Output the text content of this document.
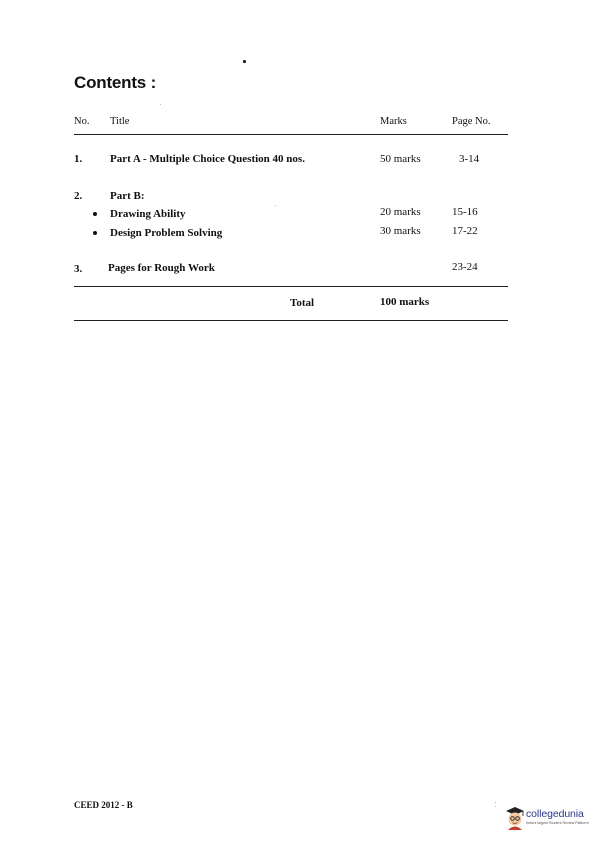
Contents :
No. Title	Marks	Page No.
1.	Part A - Multiple Choice Question 40 nos.	50 marks	3-14
2.	Part B:
Drawing Ability	20 marks	15-16
Design Problem Solving	30 marks	17-22
3. Pages for Rough Work	23-24
Total	100 marks
CEED 2012 - B
collegedunia
India's largest Student Review Platform
